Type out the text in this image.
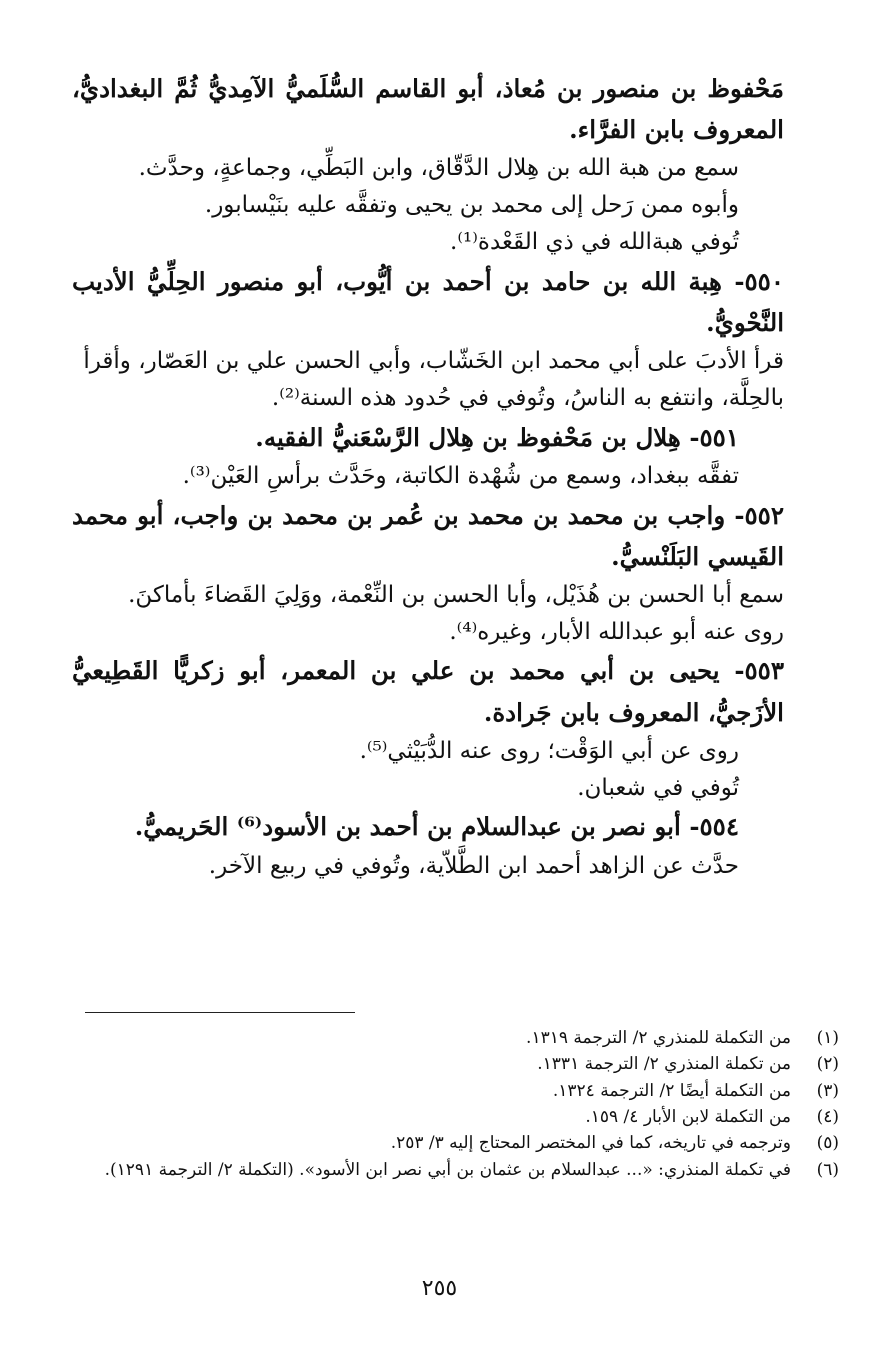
مَحْفوظ بن منصور بن مُعاذ، أبو القاسم السُّلَميُّ الآمِديُّ ثُمَّ البغداديُّ، المعروف بابن الفرَّاء.

سمع من هبة الله بن هِلال الدَّقّاق، وابن البَطِّي، وجماعةٍ، وحدَّث.

وأبوه ممن رَحل إلى محمد بن يحيى وتفقَّه عليه بنَيْسابور.

تُوفي هبةالله في ذي القَعْدة⁽¹⁾.

٥٥٠- هِبة الله بن حامد بن أحمد بن أيُّوب، أبو منصور الحِلِّيُّ الأديب النَّحْويُّ.

قرأ الأدبَ على أبي محمد ابن الخَشّاب، وأبي الحسن علي بن العَصّار، وأقرأ بالحِلَّة، وانتفع به الناسُ، وتُوفي في حُدود هذه السنة⁽²⁾.

٥٥١- هِلال بن مَحْفوظ بن هِلال الرَّسْعَنيُّ الفقيه.

تفقَّه ببغداد، وسمع من شُهْدة الكاتبة، وحَدَّث برأسِ العَيْن⁽³⁾.

٥٥٢- واجب بن محمد بن محمد بن عُمر بن محمد بن واجب، أبو محمد القَيسي البَلَنْسيُّ.

سمع أبا الحسن بن هُذَيْل، وأبا الحسن بن النِّعْمة، ووَلِيَ القَضاءَ بأماكنَ.

روى عنه أبو عبدالله الأبار، وغيره⁽⁴⁾.

٥٥٣- يحيى بن أبي محمد بن علي بن المعمر، أبو زكريًّا القَطِيعيُّ الأزَجيُّ، المعروف بابن جَرادة.

روى عن أبي الوَقْت؛ روى عنه الدُّبَيْثي⁽⁵⁾.

تُوفي في شعبان.

٥٥٤- أبو نصر بن عبدالسلام بن أحمد بن الأسود⁽⁶⁾ الحَريميُّ.

حدَّث عن الزاهد أحمد ابن الطَّلاّية، وتُوفي في ربيع الآخر.

(١)
من التكملة للمنذري ٢/ الترجمة ١٣١٩.
(٢)
من تكملة المنذري ٢/ الترجمة ١٣٣١.
(٣)
من التكملة أيضًا ٢/ الترجمة ١٣٢٤.
(٤)
من التكملة لابن الأبار ٤/ ١٥٩.
(٥)
وترجمه في تاريخه، كما في المختصر المحتاج إليه ٣/ ٢٥٣.
(٦)
في تكملة المنذري: «... عبدالسلام بن عثمان بن أبي نصر ابن الأسود». (التكملة ٢/ الترجمة ١٢٩١).
٢٥٥
